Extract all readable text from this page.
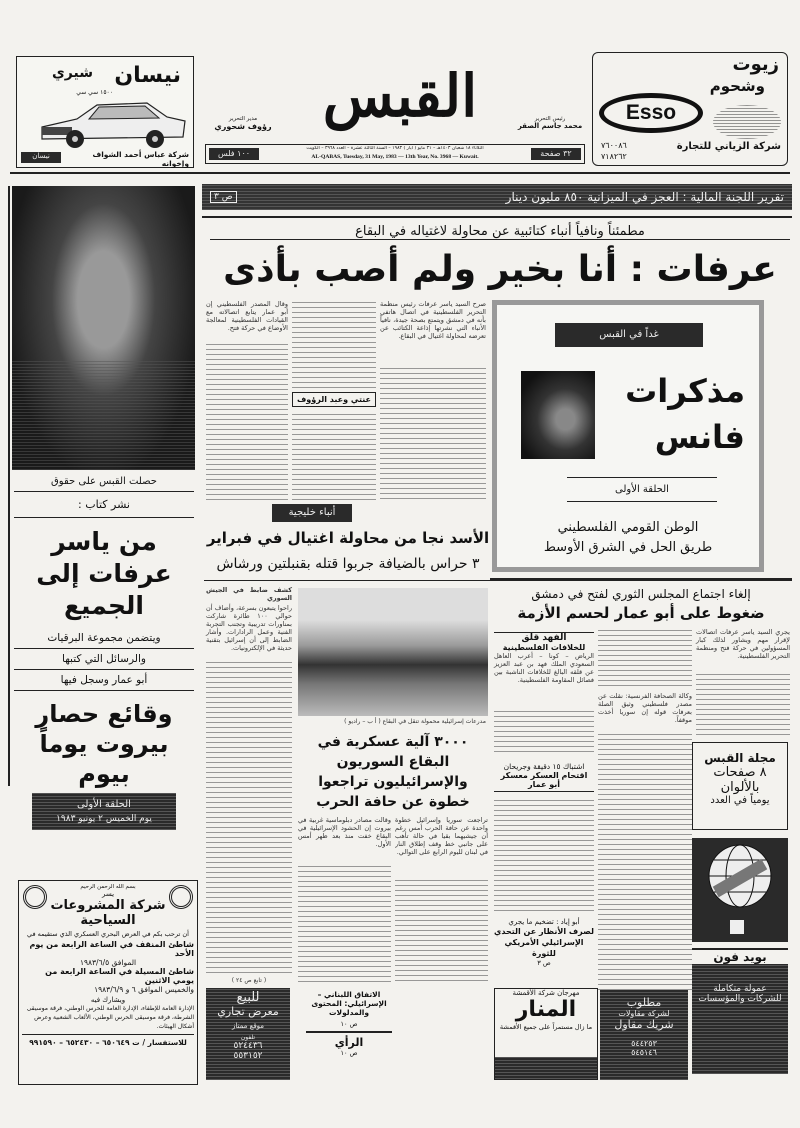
نيسان
شيري
١٥٠٠ سي سي
شركة عباس أحمد الشواف وإخوانه
نيسان
القبس
مدير التحرير
رؤوف شحوري
رئيس التحرير
محمد جاسم الصقر
١٠٠ فلس	٣٢ صفحة
الثلاثاء ١٨ شعبان ١٤٠٣هـ – ٣١ مايو ( أيار ) ١٩٨٣ – السنة الثالثة عشرة – العدد ٣٩٦٨ – الكويت
AL-QABAS, Tuesday, 31 May, 1983 — 13th Year, No. 3968 — Kuwait.
زيوت
وشحوم
Esso
شركة الزياني للتجارة
٧٦٠٠٨٦
٧١٨٢٦٢
حصلت القبس على حقوق
نشر كتاب :
من ياسر عرفات إلى الجميع
ويتضمن مجموعة البرقيات
والرسائل التي كتبها
أبو عمار وسجل فيها
وقائع حصار بيروت يوماً بيوم
الحلقة الأولى
يوم الخميس ٢ يونيو ١٩٨٣
بسم الله الرحمن الرحيم
يسر
شركة المشروعات السياحية
أن ترحب بكم في العرض البحري العسكري الذي ستقيمه في
شاطئ المنقف في الساعة الرابعة من يوم الأحد
الموافق ١٩٨٣/٦/٥
شاطئ المسيلة في الساعة الرابعة من يومي الاثنين
والخميس الموافق ٦ و ١٩٨٣/٦/٩
ويشارك فيه
الإدارة العامة للإطفاء، الإدارة العامة للحرس الوطني، فرقة موسيقى الشرطة، فرقة موسيقى الحرس الوطني، الألعاب الشعبية وعرض أشكال الهيئات.
للاستفسار / ت ٦٥٠٦٤٩ – ٦٥٢٤٣٠ – ٩٩١٥٩٠
تقرير اللجنة المالية : العجز في الميزانية ٨٥٠ مليون دينار
ص ٣
مطمئناً ونافياً أنباء كتائبية عن محاولة لاغتياله في البقاع
عرفات : أنا بخير ولم أصب بأذى

صرح السيد ياسر عرفات رئيس منظمة التحرير الفلسطينية في اتصال هاتفي بأنه في دمشق ويتمتع بصحة جيدة، نافياً الأنباء التي نشرتها إذاعة الكتائب عن تعرضه لمحاولة اغتيال في البقاع.

عنتي وعبد الرؤوف

وقال المصدر الفلسطيني إن أبو عمار يتابع اتصالاته مع القيادات الفلسطينية لمعالجة الأوضاع في حركة فتح.

غداً في القبس
مذكرات
فانس
الحلقة الأولى
الوطن القومي الفلسطيني
طريق الحل في الشرق الأوسط
أنباء خليجية
الأسد نجا من محاولة اغتيال في فبراير
٣ حراس بالضيافة جربوا قتله بقنبلتين ورشاش

كشف ضابط في الجيش السوري

راحوا يتبعون بسرعة، وأضاف أن حوالي ١٠٠ طائرة شاركت بمناورات تدريبية وتجنب التجربة الفنية وعمل الرادارات. وأشار الضابط إلى أن إسرائيل بتقنية حديثة في الإلكترونيات.

مدرعات إسرائيلية محمولة تنقل في البقاع ( أ ب – رادیو )
٣٠٠٠ آلية عسكرية في البقاع السوريون والإسرائيليون تراجعوا خطوة عن حافة الحرب

تراجعت سوريا وإسرائيل خطوة واحدة عن حافة الحرب أمس رغم أن جيشيهما بقيا في حالة تأهب على جانبي خط وقف إطلاق النار في لبنان لليوم الرابع على التوالي.

وقالت مصادر دبلوماسية غربية في بيروت إن الحشود الإسرائيلية في البقاع خفت منذ بعد ظهر أمس الأول.

( تابع ص ٢٤ )
للبيع
معرض تجاري
موقع ممتاز
تلفون
٥٢٤٤٣٦
٥٥٣١٥٢
الاتفاق اللبناني – الإسرائيلي: المحتوى والمدلولات
ص ١٠
الرأي
ص ١٠
إلغاء اجتماع المجلس الثوري لفتح في دمشق
ضغوط على أبو عمار لحسم الأزمة

يجري السيد ياسر عرفات اتصالات لإقرار مهم ويشاور لذلك كبار المسؤولين في حركة فتح ومنظمة التحرير الفلسطينية.

وكالة الصحافة الفرنسية: نقلت عن مصدر فلسطيني وثيق الصلة بعرفات قوله إن سوريا أخذت موقفاً.

الفهد قلق
للخلافات الفلسطينية

الرياض – كونا – أعرب العاهل السعودي الملك فهد بن عبد العزيز عن قلقه البالغ للخلافات الناشبة بين فصائل المقاومة الفلسطينية.

اشتباك ١٥ دقيقة وجريحان
اقتحام العسكر معسكر أبو عمار
أبو إياد : تضخيم ما يجري
لصرف الأنظار عن التحدي الإسرائيلي الأمريكي للثورة
ص ٣
مجلة القبس
٨ صفحات
بالألوان
يومياً في العدد
بويد فون
عمولة متكاملة للشركات والمؤسسات
مهرجان شركة الأقمشة
المنار
ما زال مستمراً على جميع الأقمشة
مطلوب
لشركة مقاولات
شريك مقاول
٥٤٤٢٥٣
٥٤٥١٤٦
